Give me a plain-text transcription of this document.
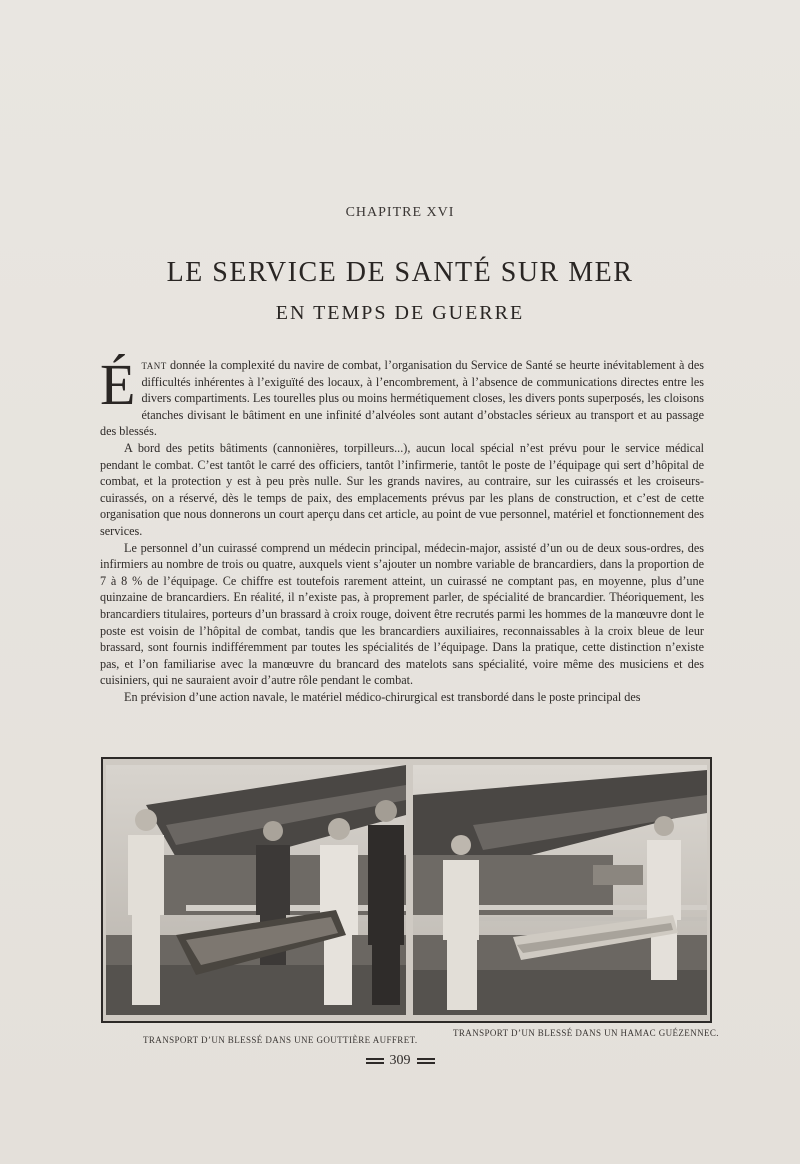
CHAPITRE XVI
LE SERVICE DE SANTÉ SUR MER
EN TEMPS DE GUERRE

Étant donnée la complexité du navire de combat, l’organisation du Service de Santé se heurte inévitablement à des difficultés inhérentes à l’exiguïté des locaux, à l’encombrement, à l’absence de communications directes entre les divers compartiments. Les tourelles plus ou moins hermétiquement closes, les divers ponts superposés, les cloisons étanches divisant le bâtiment en une infinité d’alvéoles sont autant d’obstacles sérieux au transport et au passage des blessés.

A bord des petits bâtiments (cannonières, torpilleurs...), aucun local spécial n’est prévu pour le service médical pendant le combat. C’est tantôt le carré des officiers, tantôt l’infirmerie, tantôt le poste de l’équipage qui sert d’hôpital de combat, et la protection y est à peu près nulle. Sur les grands navires, au contraire, sur les cuirassés et les croiseurs-cuirassés, on a réservé, dès le temps de paix, des emplacements prévus par les plans de construction, et c’est de cette organisation que nous donnerons un court aperçu dans cet article, au point de vue personnel, matériel et fonctionnement des services.

Le personnel d’un cuirassé comprend un médecin principal, médecin-major, assisté d’un ou de deux sous-ordres, des infirmiers au nombre de trois ou quatre, auxquels vient s’ajouter un nombre variable de brancardiers, dans la proportion de 7 à 8 % de l’équipage. Ce chiffre est toutefois rarement atteint, un cuirassé ne comptant pas, en moyenne, plus d’une quinzaine de brancardiers. En réalité, il n’existe pas, à proprement parler, de spécialité de brancardier. Théoriquement, les brancardiers titulaires, porteurs d’un brassard à croix rouge, doivent être recrutés parmi les hommes de la manœuvre dont le poste est voisin de l’hôpital de combat, tandis que les brancardiers auxiliaires, reconnaissables à la croix bleue de leur brassard, sont fournis indifféremment par toutes les spécialités de l’équipage. Dans la pratique, cette distinction n’existe pas, et l’on familiarise avec la manœuvre du brancard des matelots sans spécialité, voire même des musiciens et des cuisiniers, qui ne sauraient avoir d’autre rôle pendant le combat.

En prévision d’une action navale, le matériel médico-chirurgical est transbordé dans le poste principal des

TRANSPORT D’UN BLESSÉ DANS UNE GOUTTIÈRE AUFFRET.
TRANSPORT D’UN BLESSÉ DANS UN HAMAC GUÉZENNEC.
309
